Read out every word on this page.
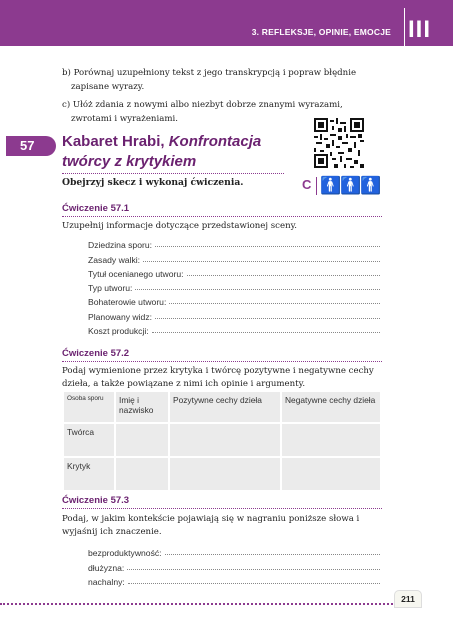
3. REFLEKSJE, OPINIE, EMOCJE III

b) Porównaj uzupełniony tekst z jego transkrypcją i popraw błędnie zapisane wyrazy.

c) Ułóż zdania z nowymi albo niezbyt dobrze znanymi wyrazami, zwrotami i wyrażeniami.

57	Kabaret Hrabi, Konfrontacja
twórcy z krytykiem
Obejrzyj skecz i wykonaj ćwiczenia.	C 🚹🚹🚹
Ćwiczenie 57.1
Uzupełnij informacje dotyczące przedstawionej sceny.
Dziedzina sporu:
Zasady walki:
Tytuł ocenianego utworu:
Typ utworu:
Bohaterowie utworu:
Planowany widz:
Koszt produkcji:
Ćwiczenie 57.2
Podaj wymienione przez krytyka i twórcę pozytywne i negatywne cechy dzieła, a także powiązane z nimi ich opinie i argumenty.
Osoba sporu	Imię i nazwisko	Pozytywne cechy dzieła	Negatywne cechy dzieła
Twórca			
Krytyk			
Ćwiczenie 57.3
Podaj, w jakim kontekście pojawiają się w nagraniu poniższe słowa i wyjaśnij ich znaczenie.
bezproduktywność:
dłużyzna:
nachalny:
211
